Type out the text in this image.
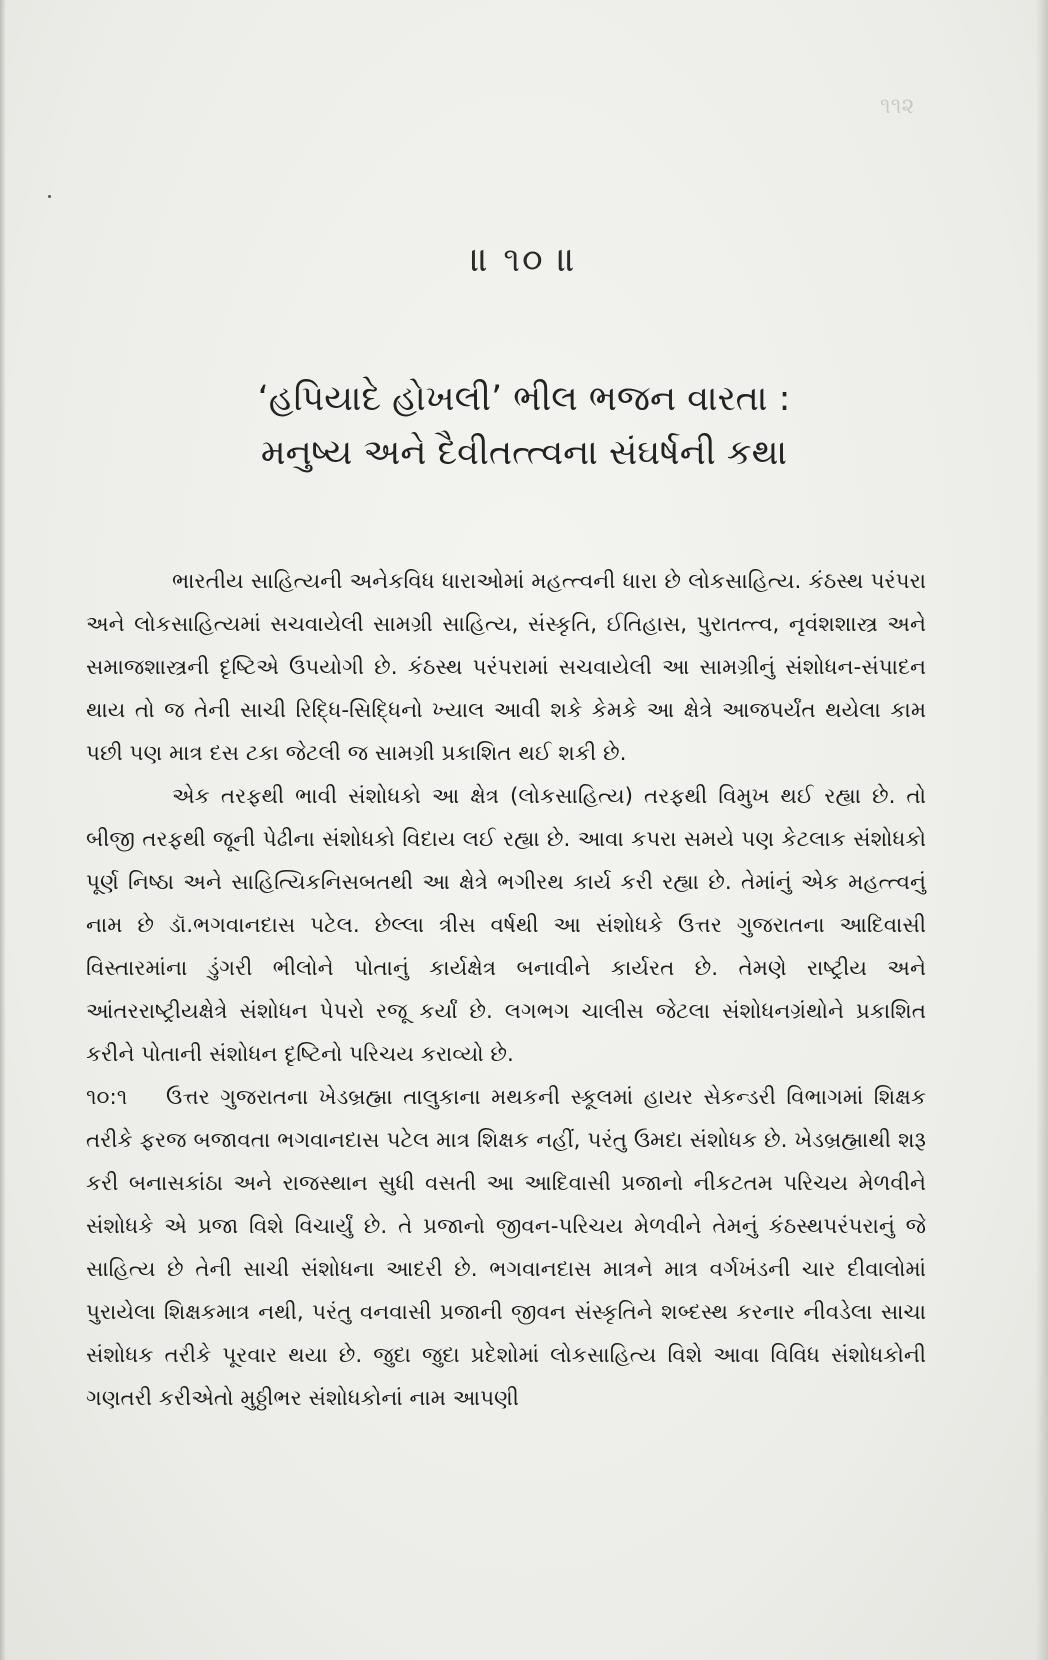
૧૧૨
॥ ૧૦ ॥
‘હપિયાદે હોખલી’ ભીલ ભજન વારતા :
મનુષ્ય અને દૈવીતત્ત્વના સંઘર્ષની કથા

ભારતીય સાહિત્યની અનેકવિધ ધારાઓમાં મહત્ત્વની ધારા છે લોકસાહિત્ય. કંઠસ્થ પરંપરા અને લોકસાહિત્યમાં સચવાયેલી સામગ્રી સાહિત્ય, સંસ્કૃતિ, ઈતિહાસ, પુરાતત્ત્વ, નૃવંશશાસ્ત્ર અને સમાજશાસ્ત્રની દૃષ્ટિએ ઉપયોગી છે. કંઠસ્થ પરંપરામાં સચવાયેલી આ સામગ્રીનું સંશોધન-સંપાદન થાય તો જ તેની સાચી રિદ્ધિ-સિદ્ધિનો ખ્યાલ આવી શકે કેમકે આ ક્ષેત્રે આજપર્યંત થયેલા કામ પછી પણ માત્ર દસ ટકા જેટલી જ સામગ્રી પ્રકાશિત થઈ શકી છે.

એક તરફથી ભાવી સંશોધકો આ ક્ષેત્ર (લોકસાહિત્ય) તરફથી વિમુખ થઈ રહ્યા છે. તો બીજી તરફથી જૂની પેઢીના સંશોધકો વિદાય લઈ રહ્યા છે. આવા કપરા સમયે પણ કેટલાક સંશોધકો પૂર્ણ નિષ્ઠા અને સાહિત્યિકનિસબતથી આ ક્ષેત્રે ભગીરથ કાર્ય કરી રહ્યા છે. તેમાંનું એક મહત્ત્વનું નામ છે ડૉ.ભગવાનદાસ પટેલ. છેલ્લા ત્રીસ વર્ષથી આ સંશોધકે ઉત્તર ગુજરાતના આદિવાસી વિસ્તારમાંના ડુંગરી ભીલોને પોતાનું કાર્યક્ષેત્ર બનાવીને કાર્યરત છે. તેમણે રાષ્ટ્રીય અને આંતરરાષ્ટ્રીયક્ષેત્રે સંશોધન પેપરો રજૂ કર્યાં છે. લગભગ ચાલીસ જેટલા સંશોધનગ્રંથોને પ્રકાશિત કરીને પોતાની સંશોધન દૃષ્ટિનો પરિચય કરાવ્યો છે.

૧૦:૧ ઉત્તર ગુજરાતના ખેડબ્રહ્મા તાલુકાના મથકની સ્કૂલમાં હાયર સેકન્ડરી વિભાગમાં શિક્ષક તરીકે ફરજ બજાવતા ભગવાનદાસ પટેલ માત્ર શિક્ષક નહીં, પરંતુ ઉમદા સંશોધક છે. ખેડબ્રહ્માથી શરૂ કરી બનાસકાંઠા અને રાજસ્થાન સુધી વસતી આ આદિવાસી પ્રજાનો નીકટતમ પરિચય મેળવીને સંશોધકે એ પ્રજા વિશે વિચાર્યું છે. તે પ્રજાનો જીવન-પરિચય મેળવીને તેમનું કંઠસ્થપરંપરાનું જે સાહિત્ય છે તેની સાચી સંશોધના આદરી છે. ભગવાનદાસ માત્રને માત્ર વર્ગખંડની ચાર દીવાલોમાં પુરાયેલા શિક્ષકમાત્ર નથી, પરંતુ વનવાસી પ્રજાની જીવન સંસ્કૃતિને શબ્દસ્થ કરનાર નીવડેલા સાચા સંશોધક તરીકે પૂરવાર થયા છે. જુદા જુદા પ્રદેશોમાં લોકસાહિત્ય વિશે આવા વિવિધ સંશોધકોની ગણતરી કરીએતો મુઠ્ઠીભર સંશોધકોનાં નામ આપણી
